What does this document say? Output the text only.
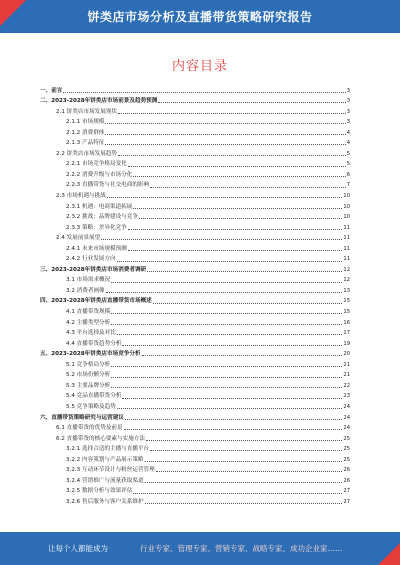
饼类店市场分析及直播带货策略研究报告
内容目录
一、前言	3
二、2023-2028年饼类店市场前景及趋势预测	3
2.1 饼类店市场发展现状	3
2.1.1 市场规模	3
2.1.2 消费群体	4
2.1.3 产品特征	4
2.2 饼类店市场发展趋势	5
2.2.1 市场竞争格局变化	5
2.2.2 消费升级与市场分化	6
2.2.3 直播带货与社交电商的影响	7
2.3 市场机遇与挑战	10
2.3.1 机遇：电商渠道拓展	10
2.3.2 挑战：品牌建设与竞争	10
2.3.3 策略：差异化竞争	11
2.4 发展前景展望	11
2.4.1 未来市场规模预测	11
2.4.2 行业发展方向	11
三、2023-2028年饼类店市场消费者调研	12
3.1 市场需求概况	12
3.2 消费者画像	13
四、2023-2028年饼类店直播带货市场概述	15
4.1 直播带货规模	15
4.2 主播类型分析	16
4.3 平台选择及对比	17
4.4 直播带货趋势分析	19
五、2023-2028年饼类店市场竞争分析	20
5.1 竞争格局分析	21
5.2 市场份额分析	21
5.3 主要品牌分析	22
5.4 竞品直播带货分析	23
5.5 竞争策略及趋势	24
六、直播带货策略研究与运营建议	24
6.1 直播带货的优势及前景	24
6.2 直播带货的核心要素与实施方法	25
3.2.1 选择合适的主播与直播平台	25
3.2.2 内容策划与产品展示策略	25
3.2.3 互动环节设计与粉丝运营管理	26
3.2.4 营销推广与流量获取渠道	26
3.2.5 数据分析与效果评估	27
3.2.6 售后服务与客户关系维护	27
让每个人都能成为	行业专家、管理专家、营销专家、战略专家、成功企业家……
